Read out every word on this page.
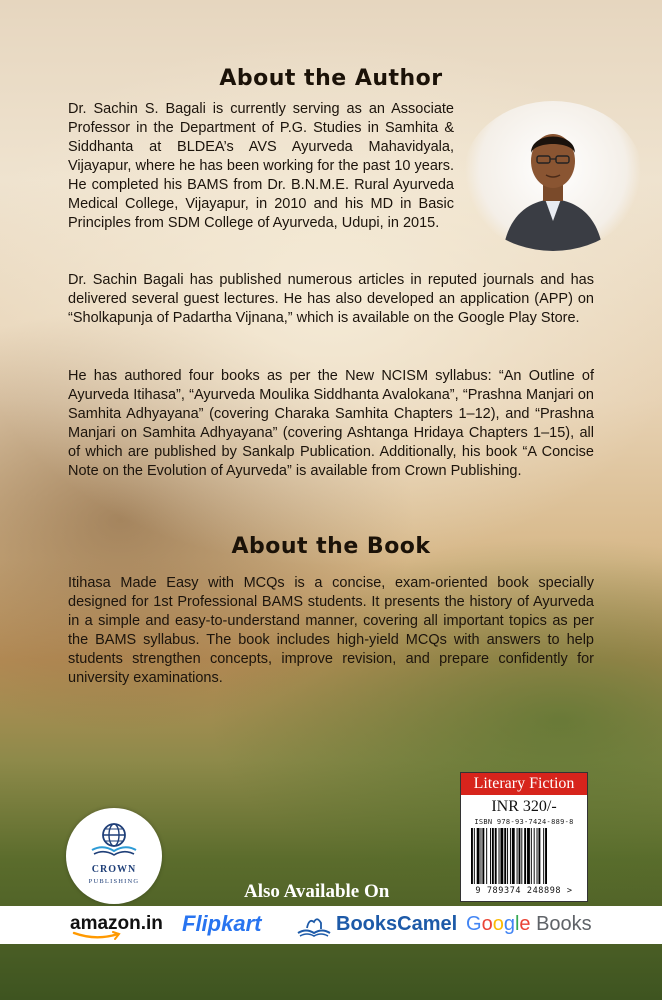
About the Author

Dr. Sachin S. Bagali is currently serving as an Associate Professor in the Department of P.G. Studies in Samhita & Siddhanta at BLDEA’s AVS Ayurveda Mahavidyala, Vijayapur, where he has been working for the past 10 years. He completed his BAMS from Dr. B.N.M.E. Rural Ayurveda Medical College, Vijayapur, in 2010 and his MD in Basic Principles from SDM College of Ayurveda, Udupi, in 2015.

Dr. Sachin Bagali has published numerous articles in reputed journals and has delivered several guest lectures. He has also developed an application (APP) on “Sholkapunja of Padartha Vijnana,” which is available on the Google Play Store.

He has authored four books as per the New NCISM syllabus: “An Outline of Ayurveda Itihasa”, “Ayurveda Moulika Siddhanta Avalokana”, “Prashna Manjari on Samhita Adhyayana” (covering Charaka Samhita Chapters 1–12), and “Prashna Manjari on Samhita Adhyayana” (covering Ashtanga Hridaya Chapters 1–15), all of which are published by Sankalp Publication. Additionally, his book “A Concise Note on the Evolution of Ayurveda” is available from Crown Publishing.

About the Book

Itihasa Made Easy with MCQs is a concise, exam-oriented book specially designed for 1st Professional BAMS students. It presents the history of Ayurveda in a simple and easy-to-understand manner, covering all important topics as per the BAMS syllabus. The book includes high-yield MCQs with answers to help students strengthen concepts, improve revision, and prepare confidently for university examinations.

Literary Fiction
INR 320/-
ISBN 978-93-7424-889-8
9 789374 248898 >
CROWN
PUBLISHING	Also Available On
amazon.in Flipkart	BooksCamel Google Books
